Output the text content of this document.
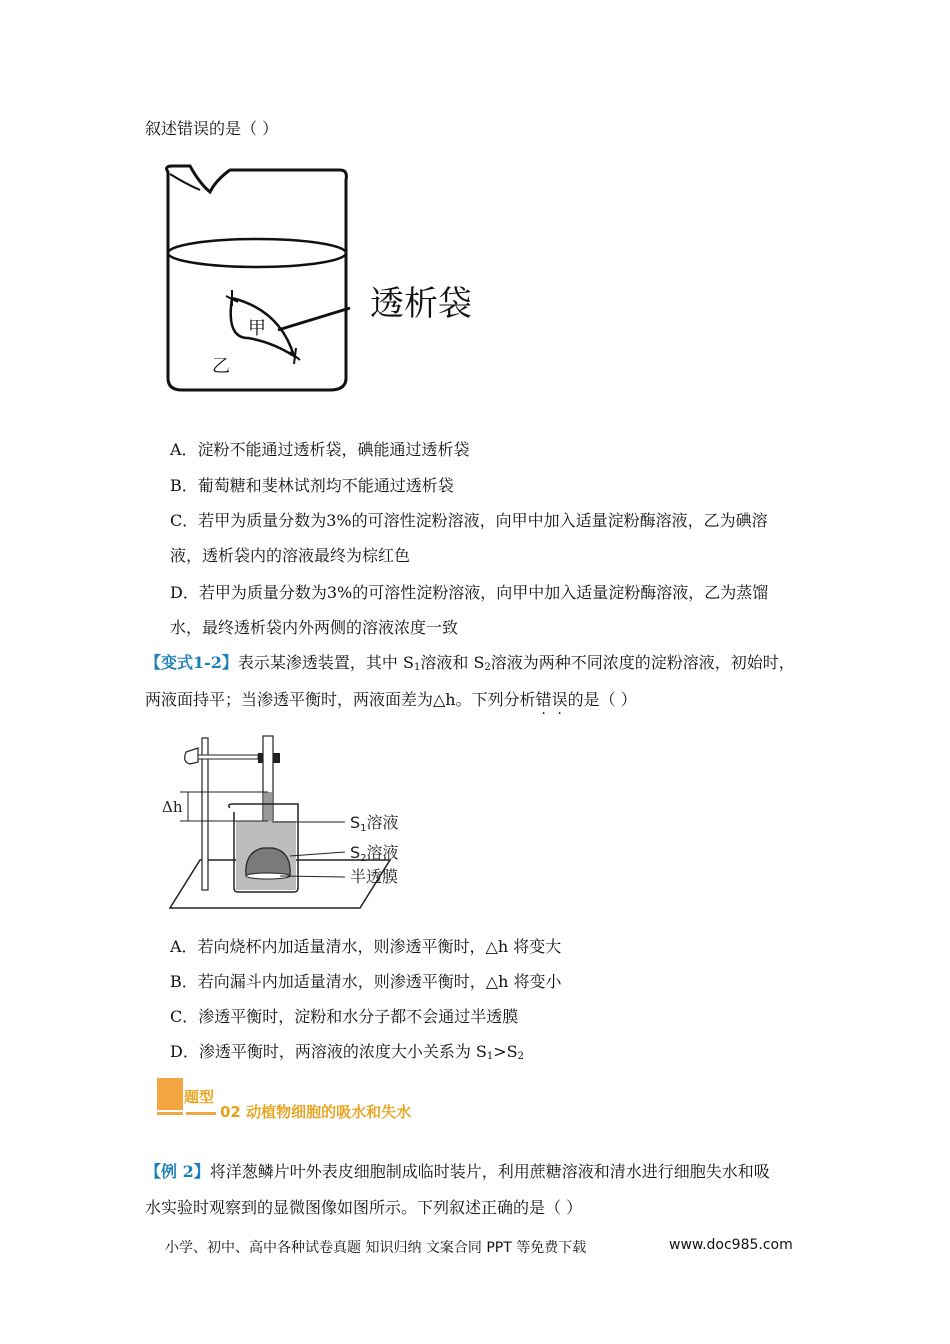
叙述错误的是（ ）
透析袋
甲
乙
A．淀粉不能通过透析袋，碘能通过透析袋
B．葡萄糖和斐林试剂均不能通过透析袋
C．若甲为质量分数为3%的可溶性淀粉溶液，向甲中加入适量淀粉酶溶液，乙为碘溶
液，透析袋内的溶液最终为棕红色
D．若甲为质量分数为3%的可溶性淀粉溶液，向甲中加入适量淀粉酶溶液，乙为蒸馏
水，最终透析袋内外两侧的溶液浓度一致
【变式1-2】表示某渗透装置，其中 $S_1$溶液和 $S_2$溶液为两种不同浓度的淀粉溶液，初始时，
两液面持平；当渗透平衡时，两液面差为△h。下列分析错误的是（ ）
Δh
S1溶液
S2溶液
半透膜
A．若向烧杯内加适量清水，则渗透平衡时，△h 将变大
B．若向漏斗内加适量清水，则渗透平衡时，△h 将变小
C．渗透平衡时，淀粉和水分子都不会通过半透膜
D．渗透平衡时，两溶液的浓度大小关系为 $S_1>S_2$
题型
02 动植物细胞的吸水和失水
【例 2】将洋葱鳞片叶外表皮细胞制成临时装片，利用蔗糖溶液和清水进行细胞失水和吸
水实验时观察到的显微图像如图所示。下列叙述正确的是（ ）
小学、初中、高中各种试卷真题 知识归纳 文案合同 PPT 等免费下载	www.doc985.com
